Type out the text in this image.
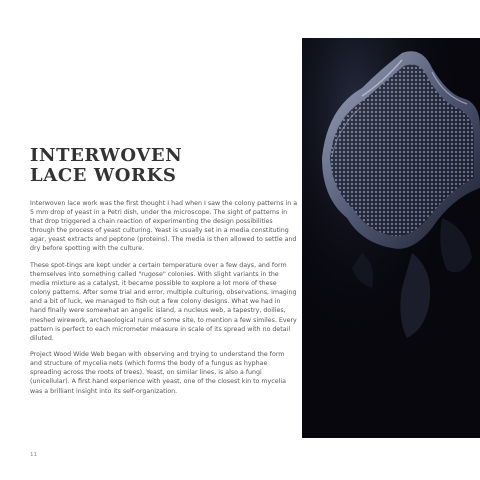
INTERWOVEN
LACE WORKS

Interwoven lace work was the first thought I had when I saw the colony patterns in a 5 mm drop of yeast in a Petri dish, under the microscope. The sight of patterns in that drop triggered a chain reaction of experimenting the design possibilities through the process of yeast culturing. Yeast is usually set in a media constituting agar, yeast extracts and peptone (proteins). The media is then allowed to settle and dry before spotting with the culture.

These spot-tings are kept under a certain temperature over a few days, and form themselves into something called "rugose" colonies. With slight variants in the media mixture as a catalyst, it became possible to explore a lot more of these colony patterns. After some trial and error, multiple culturing, observations, imaging and a bit of luck, we managed to fish out a few colony designs. What we had in hand finally were somewhat an angelic island, a nucleus web, a tapestry, doilies, meshed wirework, archaeological ruins of some site, to mention a few similes. Every pattern is perfect to each micrometer measure in scale of its spread with no detail diluted.

Project Wood Wide Web began with observing and trying to understand the form and structure of mycelia nets (which forms the body of a fungus as hyphae spreading across the roots of trees). Yeast, on similar lines, is also a fungi (unicellular). A first hand experience with yeast, one of the closest kin to mycelia was a brilliant insight into its self-organization.

11
